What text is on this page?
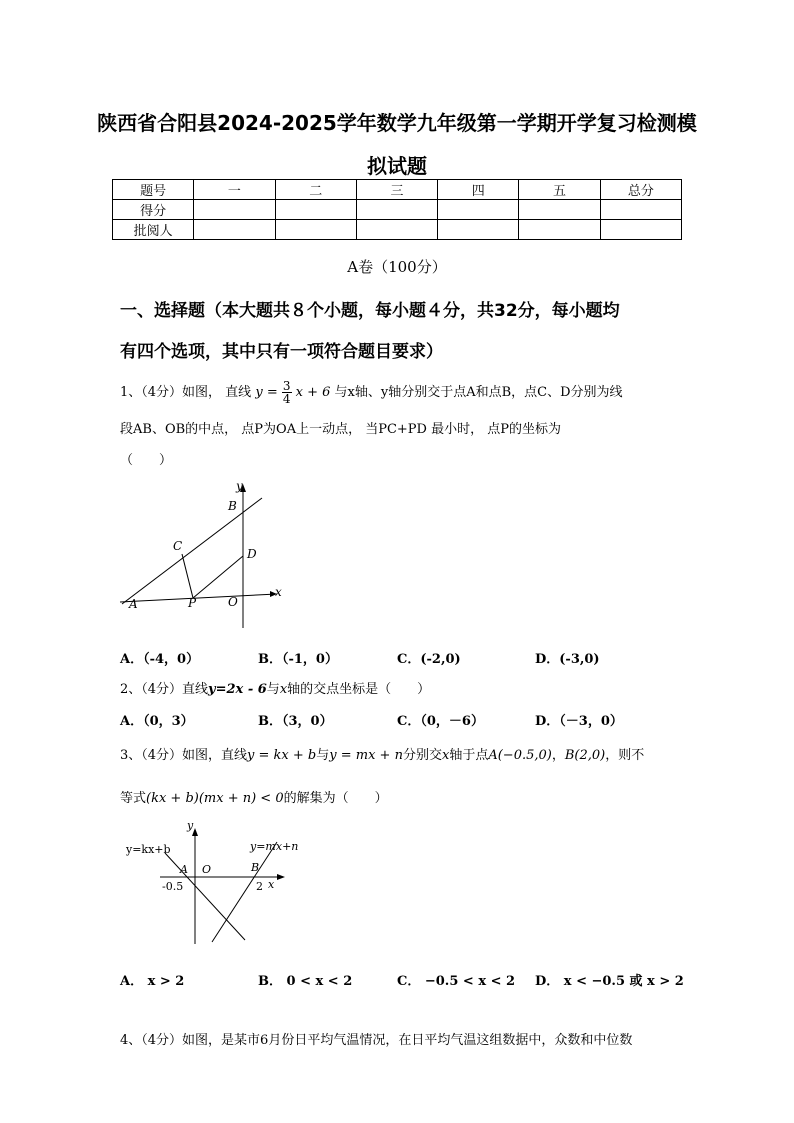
陕西省合阳县2024-2025学年数学九年级第一学期开学复习检测模
拟试题
题号	一	二	三	四	五	总分
得分						
批阅人						
A卷（100分）
一、选择题（本大题共８个小题，每小题４分，共32分，每小题均
有四个选项，其中只有一项符合题目要求）
1、（4分）如图， 直线 $y = \frac{3}{4}$ x + 6 与x轴、y轴分别交于点A和点B，点C、D分别为线
段AB、OB的中点， 点P为OA上一动点， 当PC+PD 最小时， 点P的坐标为
（　　）
y
x
B
C
D
A	P	O
A．（-4，0）	B．（-1，0）	C．(-2,0)	D．(-3,0)
2、（4分）直线y=2x - 6与x轴的交点坐标是（　　）
A．（0，3）	B．（3，0）	C．（0，－6）	D．（－3，0）
3、（4分）如图，直线y = kx + b与y = mx + n分别交x轴于点A(−0.5,0)，B(2,0)，则不
等式(kx + b)(mx + n) < 0的解集为（　　）
y=kx+b	y=mx+n
y
x
A O	B
-0.5	2
A． x > 2	B． 0 < x < 2	C． −0.5 < x < 2 D． x < −0.5 或 x > 2
4、（4分）如图，是某市6月份日平均气温情况，在日平均气温这组数据中，众数和中位数
